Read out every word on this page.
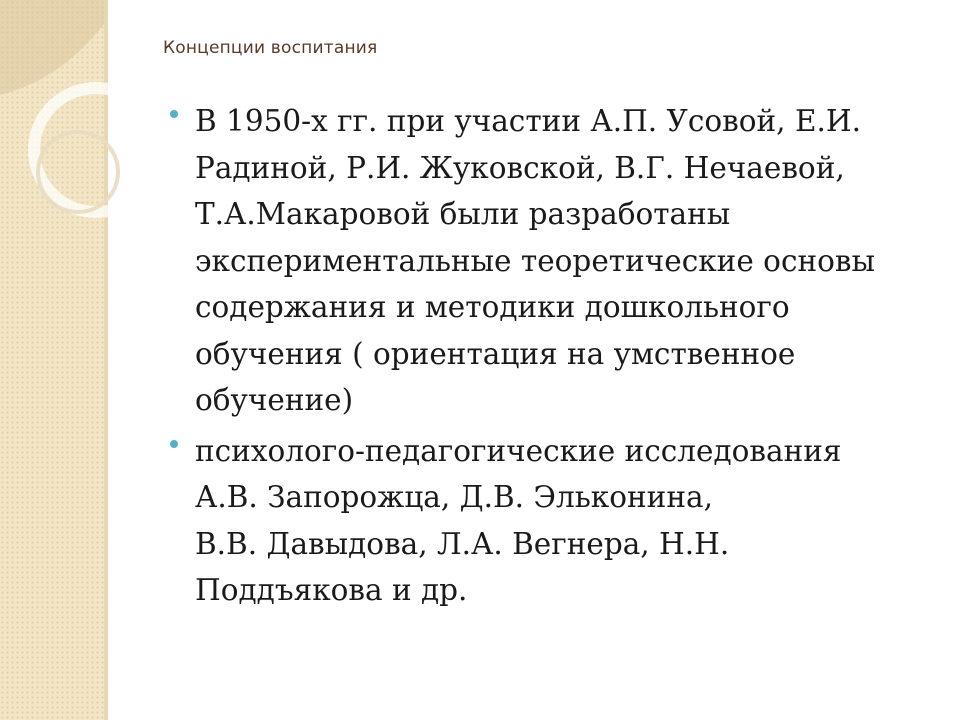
Концепции воспитания
В 1950-х гг. при участии А.П. Усовой, Е.И.
Радиной, Р.И. Жуковской, В.Г. Нечаевой,
Т.А.Макаровой были разработаны
экспериментальные теоретические основы
содержания и методики дошкольного
обучения ( ориентация на умственное
обучение)
психолого-педагогические исследования
А.В. Запорожца, Д.В. Эльконина,
В.В. Давыдова, Л.А. Вегнера, Н.Н.
Поддъякова и др.
